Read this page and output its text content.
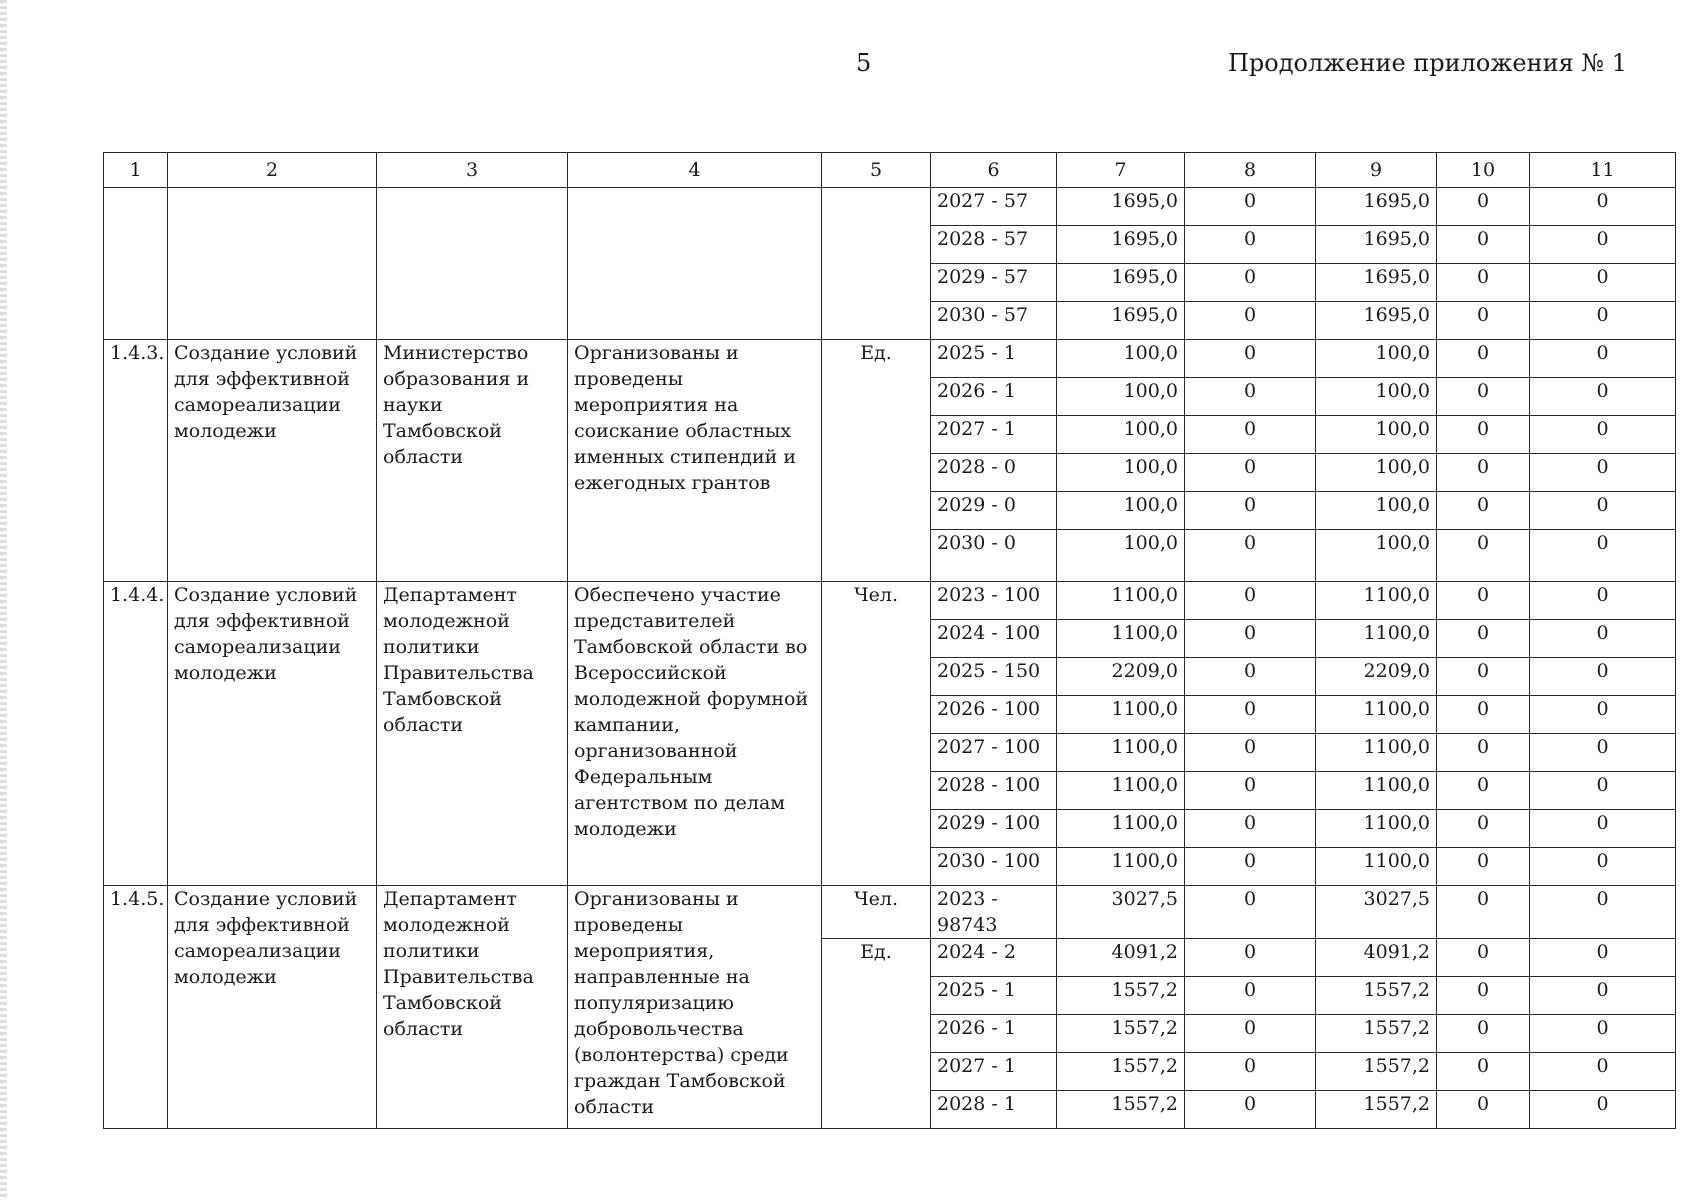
5	Продолжение приложения № 1
1	2	3	4	5	6	7	8	9	10	11
					2027 - 57	1695,0	0	1695,0	0	0
					2028 - 57	1695,0	0	1695,0	0	0
					2029 - 57	1695,0	0	1695,0	0	0
					2030 - 57	1695,0	0	1695,0	0	0
1.4.3.	Создание условий для эффективной самореализации молодежи	Министерство образования и науки Тамбовской области	Организованы и проведены мероприятия на соискание областных именных стипендий и ежегодных грантов	Ед.	2025 - 1	100,0	0	100,0	0	0
					2026 - 1	100,0	0	100,0	0	0
					2027 - 1	100,0	0	100,0	0	0
					2028 - 0	100,0	0	100,0	0	0
					2029 - 0	100,0	0	100,0	0	0
					2030 - 0	100,0	0	100,0	0	0
1.4.4.	Создание условий для эффективной самореализации молодежи	Департамент молодежной политики Правительства Тамбовской области	Обеспечено участие представителей Тамбовской области во Всероссийской молодежной форумной кампании, организованной Федеральным агентством по делам молодежи	Чел.	2023 - 100	1100,0	0	1100,0	0	0
					2024 - 100	1100,0	0	1100,0	0	0
					2025 - 150	2209,0	0	2209,0	0	0
					2026 - 100	1100,0	0	1100,0	0	0
					2027 - 100	1100,0	0	1100,0	0	0
					2028 - 100	1100,0	0	1100,0	0	0
					2029 - 100	1100,0	0	1100,0	0	0
					2030 - 100	1100,0	0	1100,0	0	0
1.4.5.	Создание условий для эффективной самореализации молодежи	Департамент молодежной политики Правительства Тамбовской области	Организованы и проведены мероприятия, направленные на популяризацию добровольчества (волонтерства) среди граждан Тамбовской области	Чел.	2023 - 98743	3027,5	0	3027,5	0	0
				Ед.	2024 - 2	4091,2	0	4091,2	0	0
					2025 - 1	1557,2	0	1557,2	0	0
					2026 - 1	1557,2	0	1557,2	0	0
					2027 - 1	1557,2	0	1557,2	0	0
					2028 - 1	1557,2	0	1557,2	0	0
